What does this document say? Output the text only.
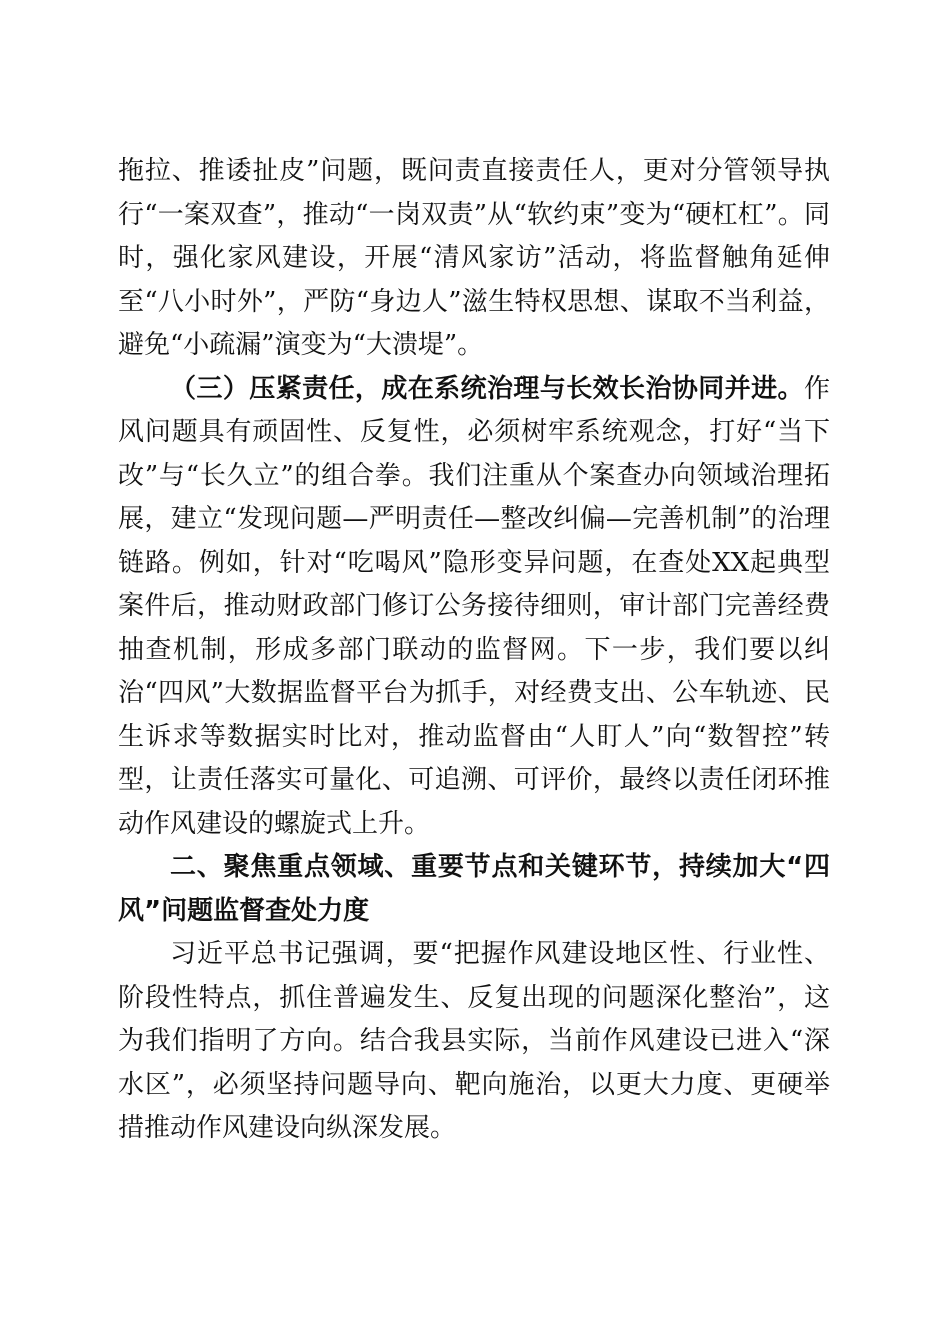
拖拉、推诿扯皮”问题，既问责直接责任人，更对分管领导执行“一案双查”，推动“一岗双责”从“软约束”变为“硬杠杠”。同时，强化家风建设，开展“清风家访”活动，将监督触角延伸至“八小时外”，严防“身边人”滋生特权思想、谋取不当利益，避免“小疏漏”演变为“大溃堤”。

（三）压紧责任，成在系统治理与长效长治协同并进。作风问题具有顽固性、反复性，必须树牢系统观念，打好“当下改”与“长久立”的组合拳。我们注重从个案查办向领域治理拓展，建立“发现问题—严明责任—整改纠偏—完善机制”的治理链路。例如，针对“吃喝风”隐形变异问题，在查处XX起典型案件后，推动财政部门修订公务接待细则，审计部门完善经费抽查机制，形成多部门联动的监督网。下一步，我们要以纠治“四风”大数据监督平台为抓手，对经费支出、公车轨迹、民生诉求等数据实时比对，推动监督由“人盯人”向“数智控”转型，让责任落实可量化、可追溯、可评价，最终以责任闭环推动作风建设的螺旋式上升。

二、聚焦重点领域、重要节点和关键环节，持续加大“四风”问题监督查处力度

习近平总书记强调，要“把握作风建设地区性、行业性、阶段性特点，抓住普遍发生、反复出现的问题深化整治”，这为我们指明了方向。结合我县实际，当前作风建设已进入“深水区”，必须坚持问题导向、靶向施治，以更大力度、更硬举措推动作风建设向纵深发展。
